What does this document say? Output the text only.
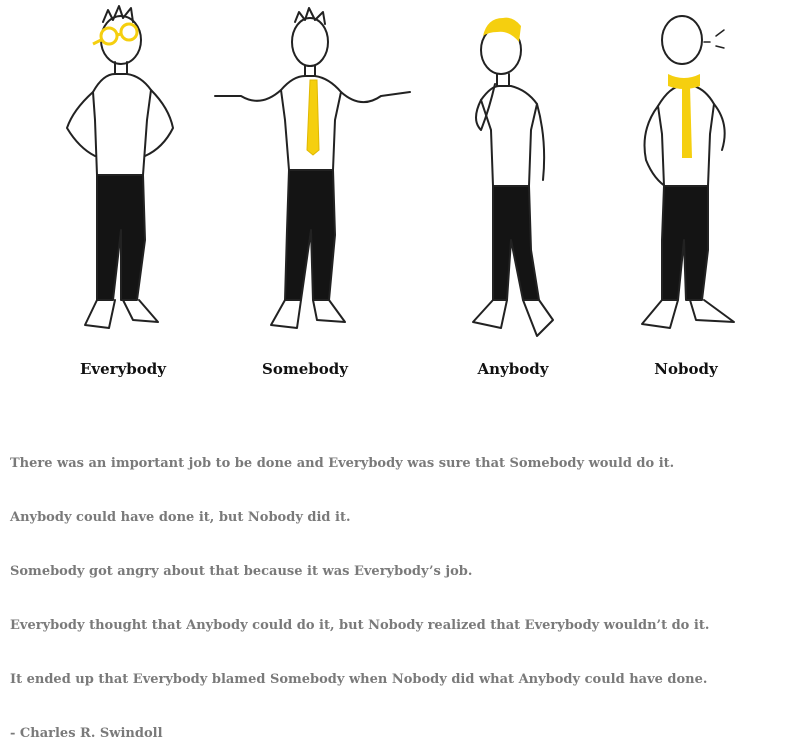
Everybody	Somebody	Anybody	Nobody

There was an important job to be done and Everybody was sure that Somebody would do it.

Anybody could have done it, but Nobody did it.

Somebody got angry about that because it was Everybody’s job.

Everybody thought that Anybody could do it, but Nobody realized that Everybody wouldn’t do it.

It ended up that Everybody blamed Somebody when Nobody did what Anybody could have done.

- Charles R. Swindoll
